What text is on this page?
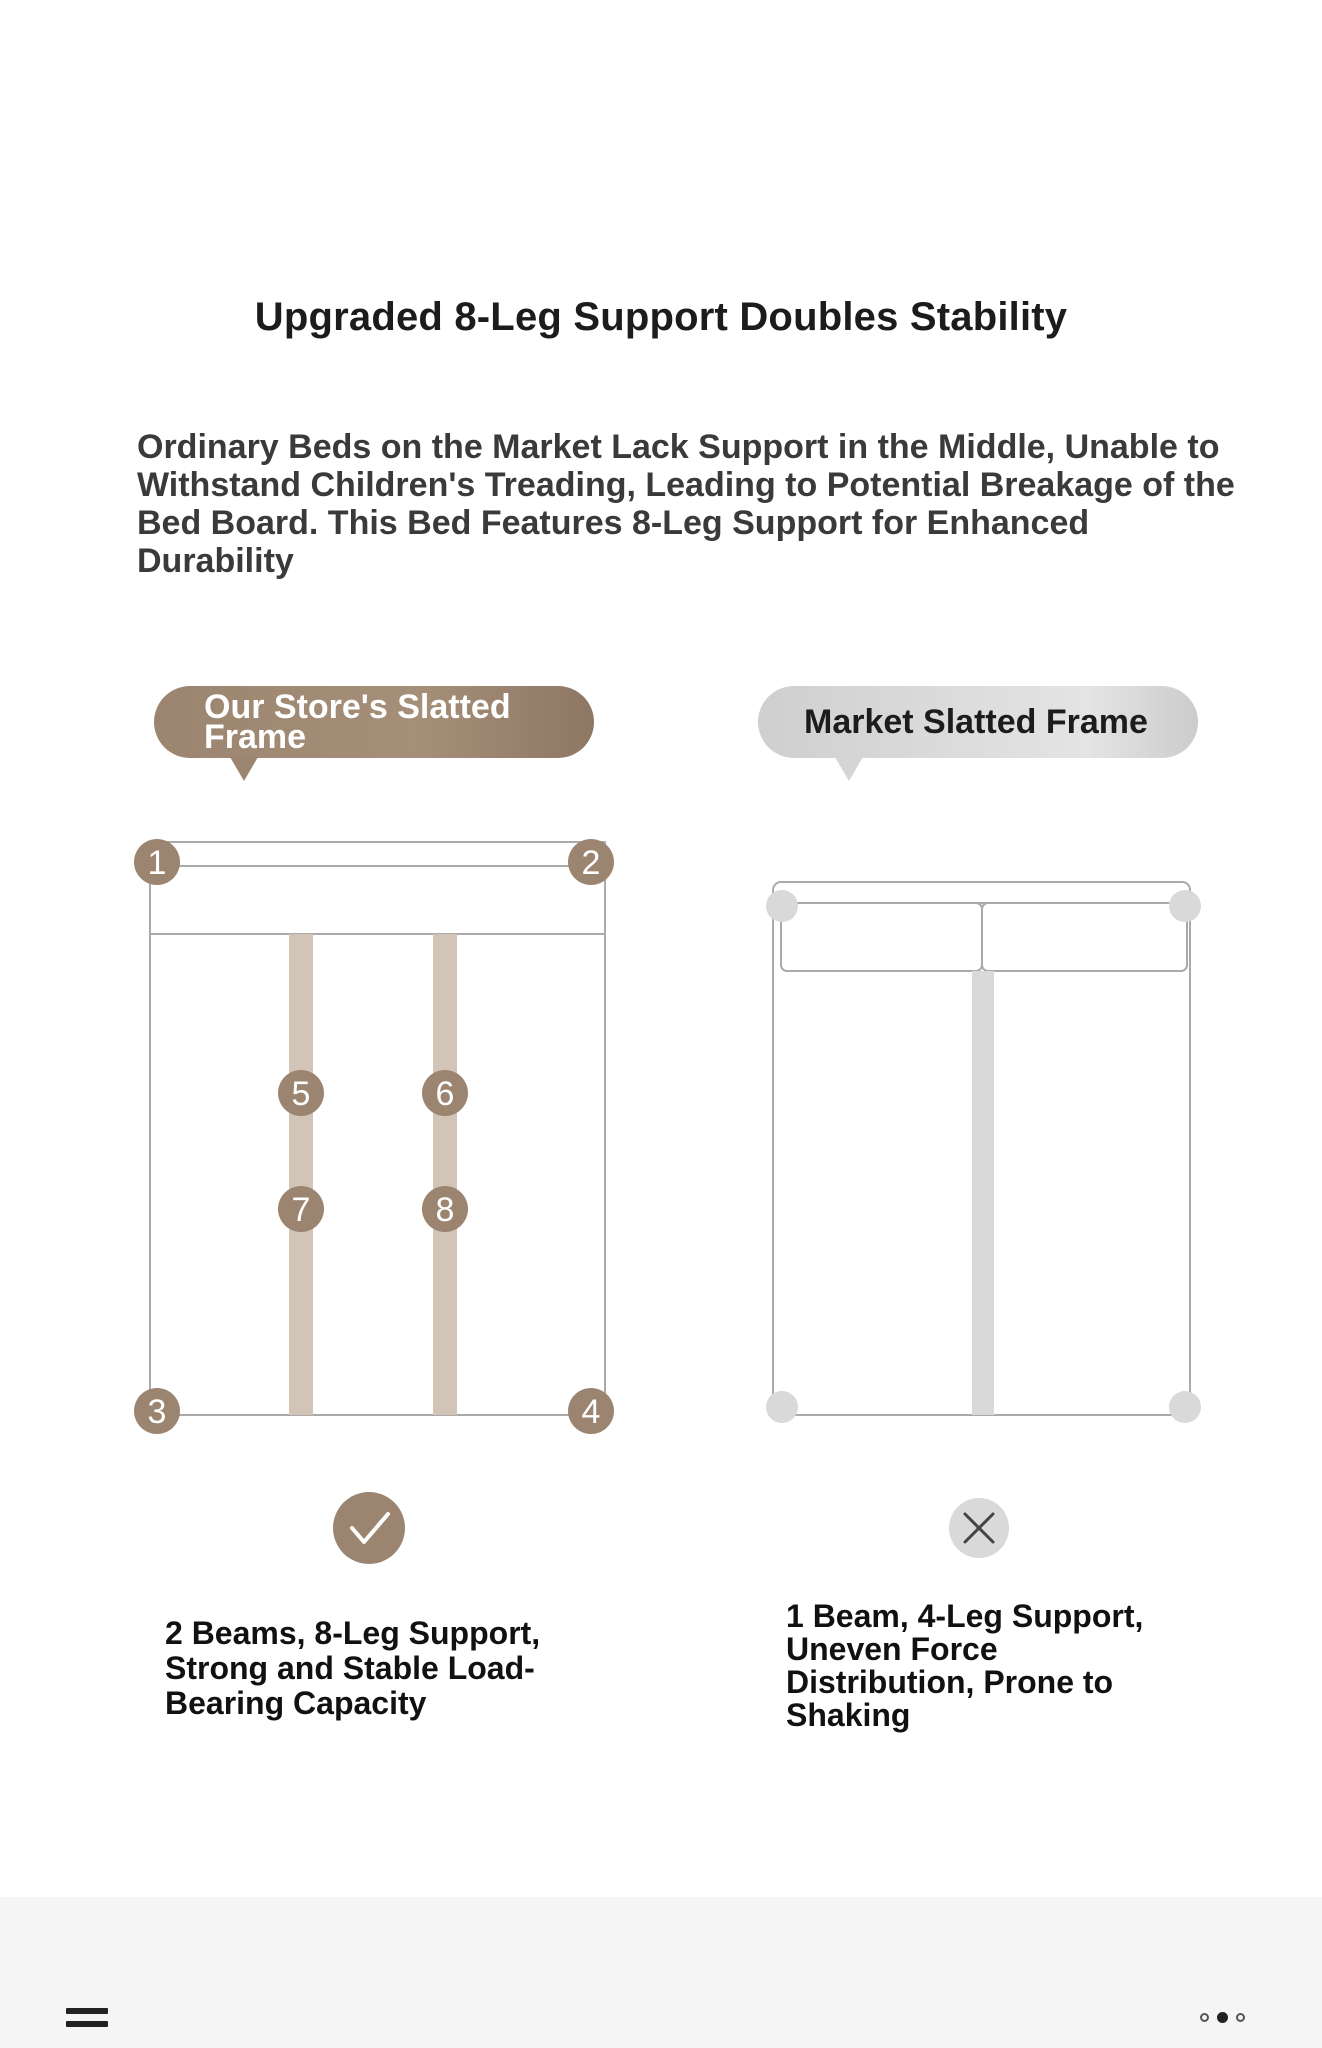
Upgraded 8-Leg Support Doubles Stability
Ordinary Beds on the Market Lack Support in the Middle, Unable to Withstand Children's Treading, Leading to Potential Breakage of the Bed Board. This Bed Features 8-Leg Support for Enhanced Durability
Our Store's Slatted Frame	Market Slatted Frame
1	2
3	4
5	6
7	8
2 Beams, 8-Leg Support, Strong and Stable Load-Bearing Capacity
1 Beam, 4-Leg Support, Uneven Force Distribution, Prone to Shaking
